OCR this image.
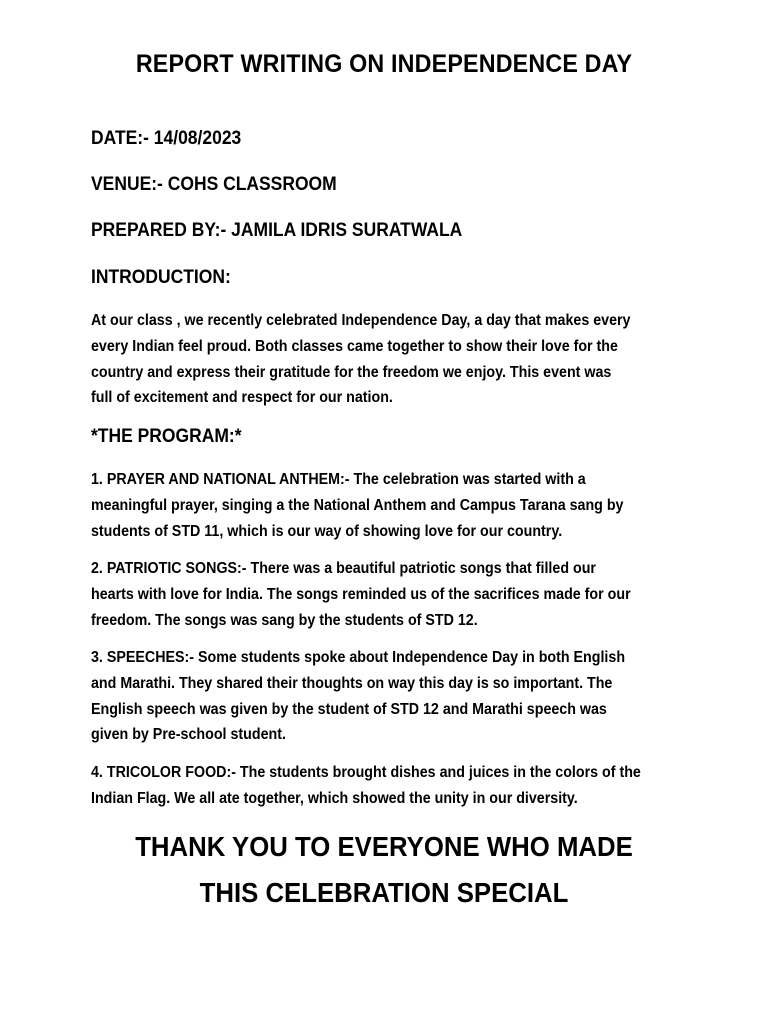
REPORT WRITING ON INDEPENDENCE DAY
DATE:- 14/08/2023
VENUE:- COHS CLASSROOM
PREPARED BY:- JAMILA IDRIS SURATWALA
INTRODUCTION:
At our class , we recently celebrated Independence Day, a day that makes every
every Indian feel proud. Both classes came together to show their love for the
country and express their gratitude for the freedom we enjoy. This event was
full of excitement and respect for our nation.
*THE PROGRAM:*
1. PRAYER AND NATIONAL ANTHEM:- The celebration was started with a
meaningful prayer, singing a the National Anthem and Campus Tarana sang by
students of STD 11, which is our way of showing love for our country.
2. PATRIOTIC SONGS:- There was a beautiful patriotic songs that filled our
hearts with love for India. The songs reminded us of the sacrifices made for our
freedom. The songs was sang by the students of STD 12.
3. SPEECHES:- Some students spoke about Independence Day in both English
and Marathi. They shared their thoughts on way this day is so important. The
English speech was given by the student of STD 12 and Marathi speech was
given by Pre-school student.
4. TRICOLOR FOOD:- The students brought dishes and juices in the colors of the
Indian Flag. We all ate together, which showed the unity in our diversity.
THANK YOU TO EVERYONE WHO MADE
THIS CELEBRATION SPECIAL
